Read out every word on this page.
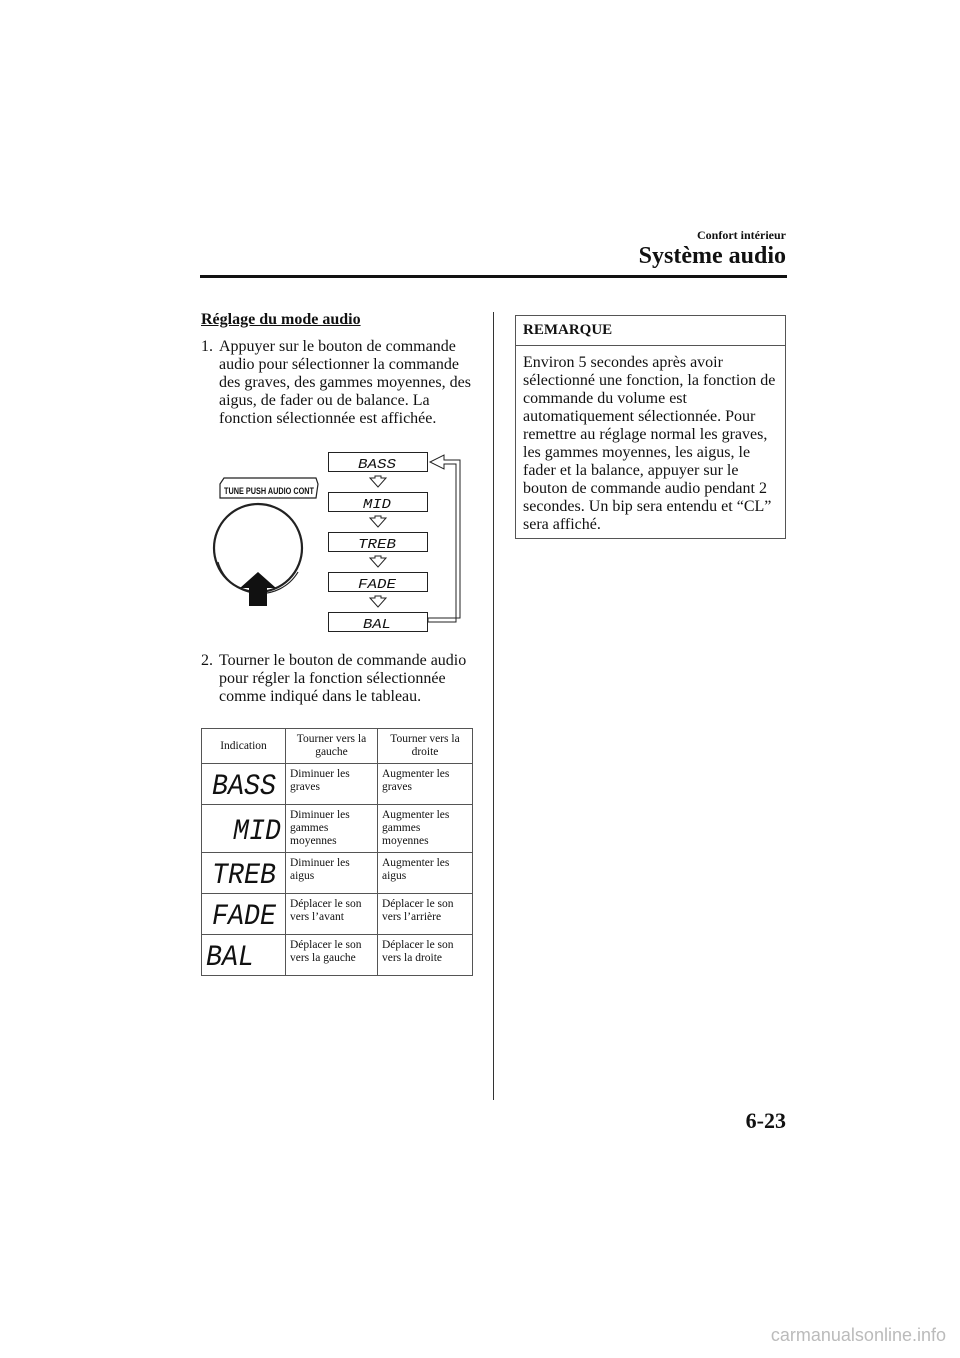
Confort intérieur
Système audio
Réglage du mode audio
1. Appuyer sur le bouton de commande audio pour sélectionner la commande des graves, des gammes moyennes, des aigus, de fader ou de balance. La fonction sélectionnée est affichée.
TUNE PUSH AUDIO CONT
BASS
MID
TREB
FADE
BAL
2. Tourner le bouton de commande audio pour régler la fonction sélectionnée comme indiqué dans le tableau.
Indication	Tourner vers la gauche	Tourner vers la droite

BASS	Diminuer les graves	Augmenter les graves

MID	Diminuer les gammes moyennes	Augmenter les gammes moyennes

TREB	Diminuer les aigus	Augmenter les aigus

FADE	Déplacer le son vers l’avant	Déplacer le son vers l’arrière

BAL	Déplacer le son vers la gauche	Déplacer le son vers la droite
REMARQUE
Environ 5 secondes après avoir sélectionné une fonction, la fonction de commande du volume est automatiquement sélectionnée. Pour remettre au réglage normal les graves, les gammes moyennes, les aigus, le fader et la balance, appuyer sur le bouton de commande audio pendant 2 secondes. Un bip sera entendu et “CL” sera affiché.
6-23
carmanualsonline.info
